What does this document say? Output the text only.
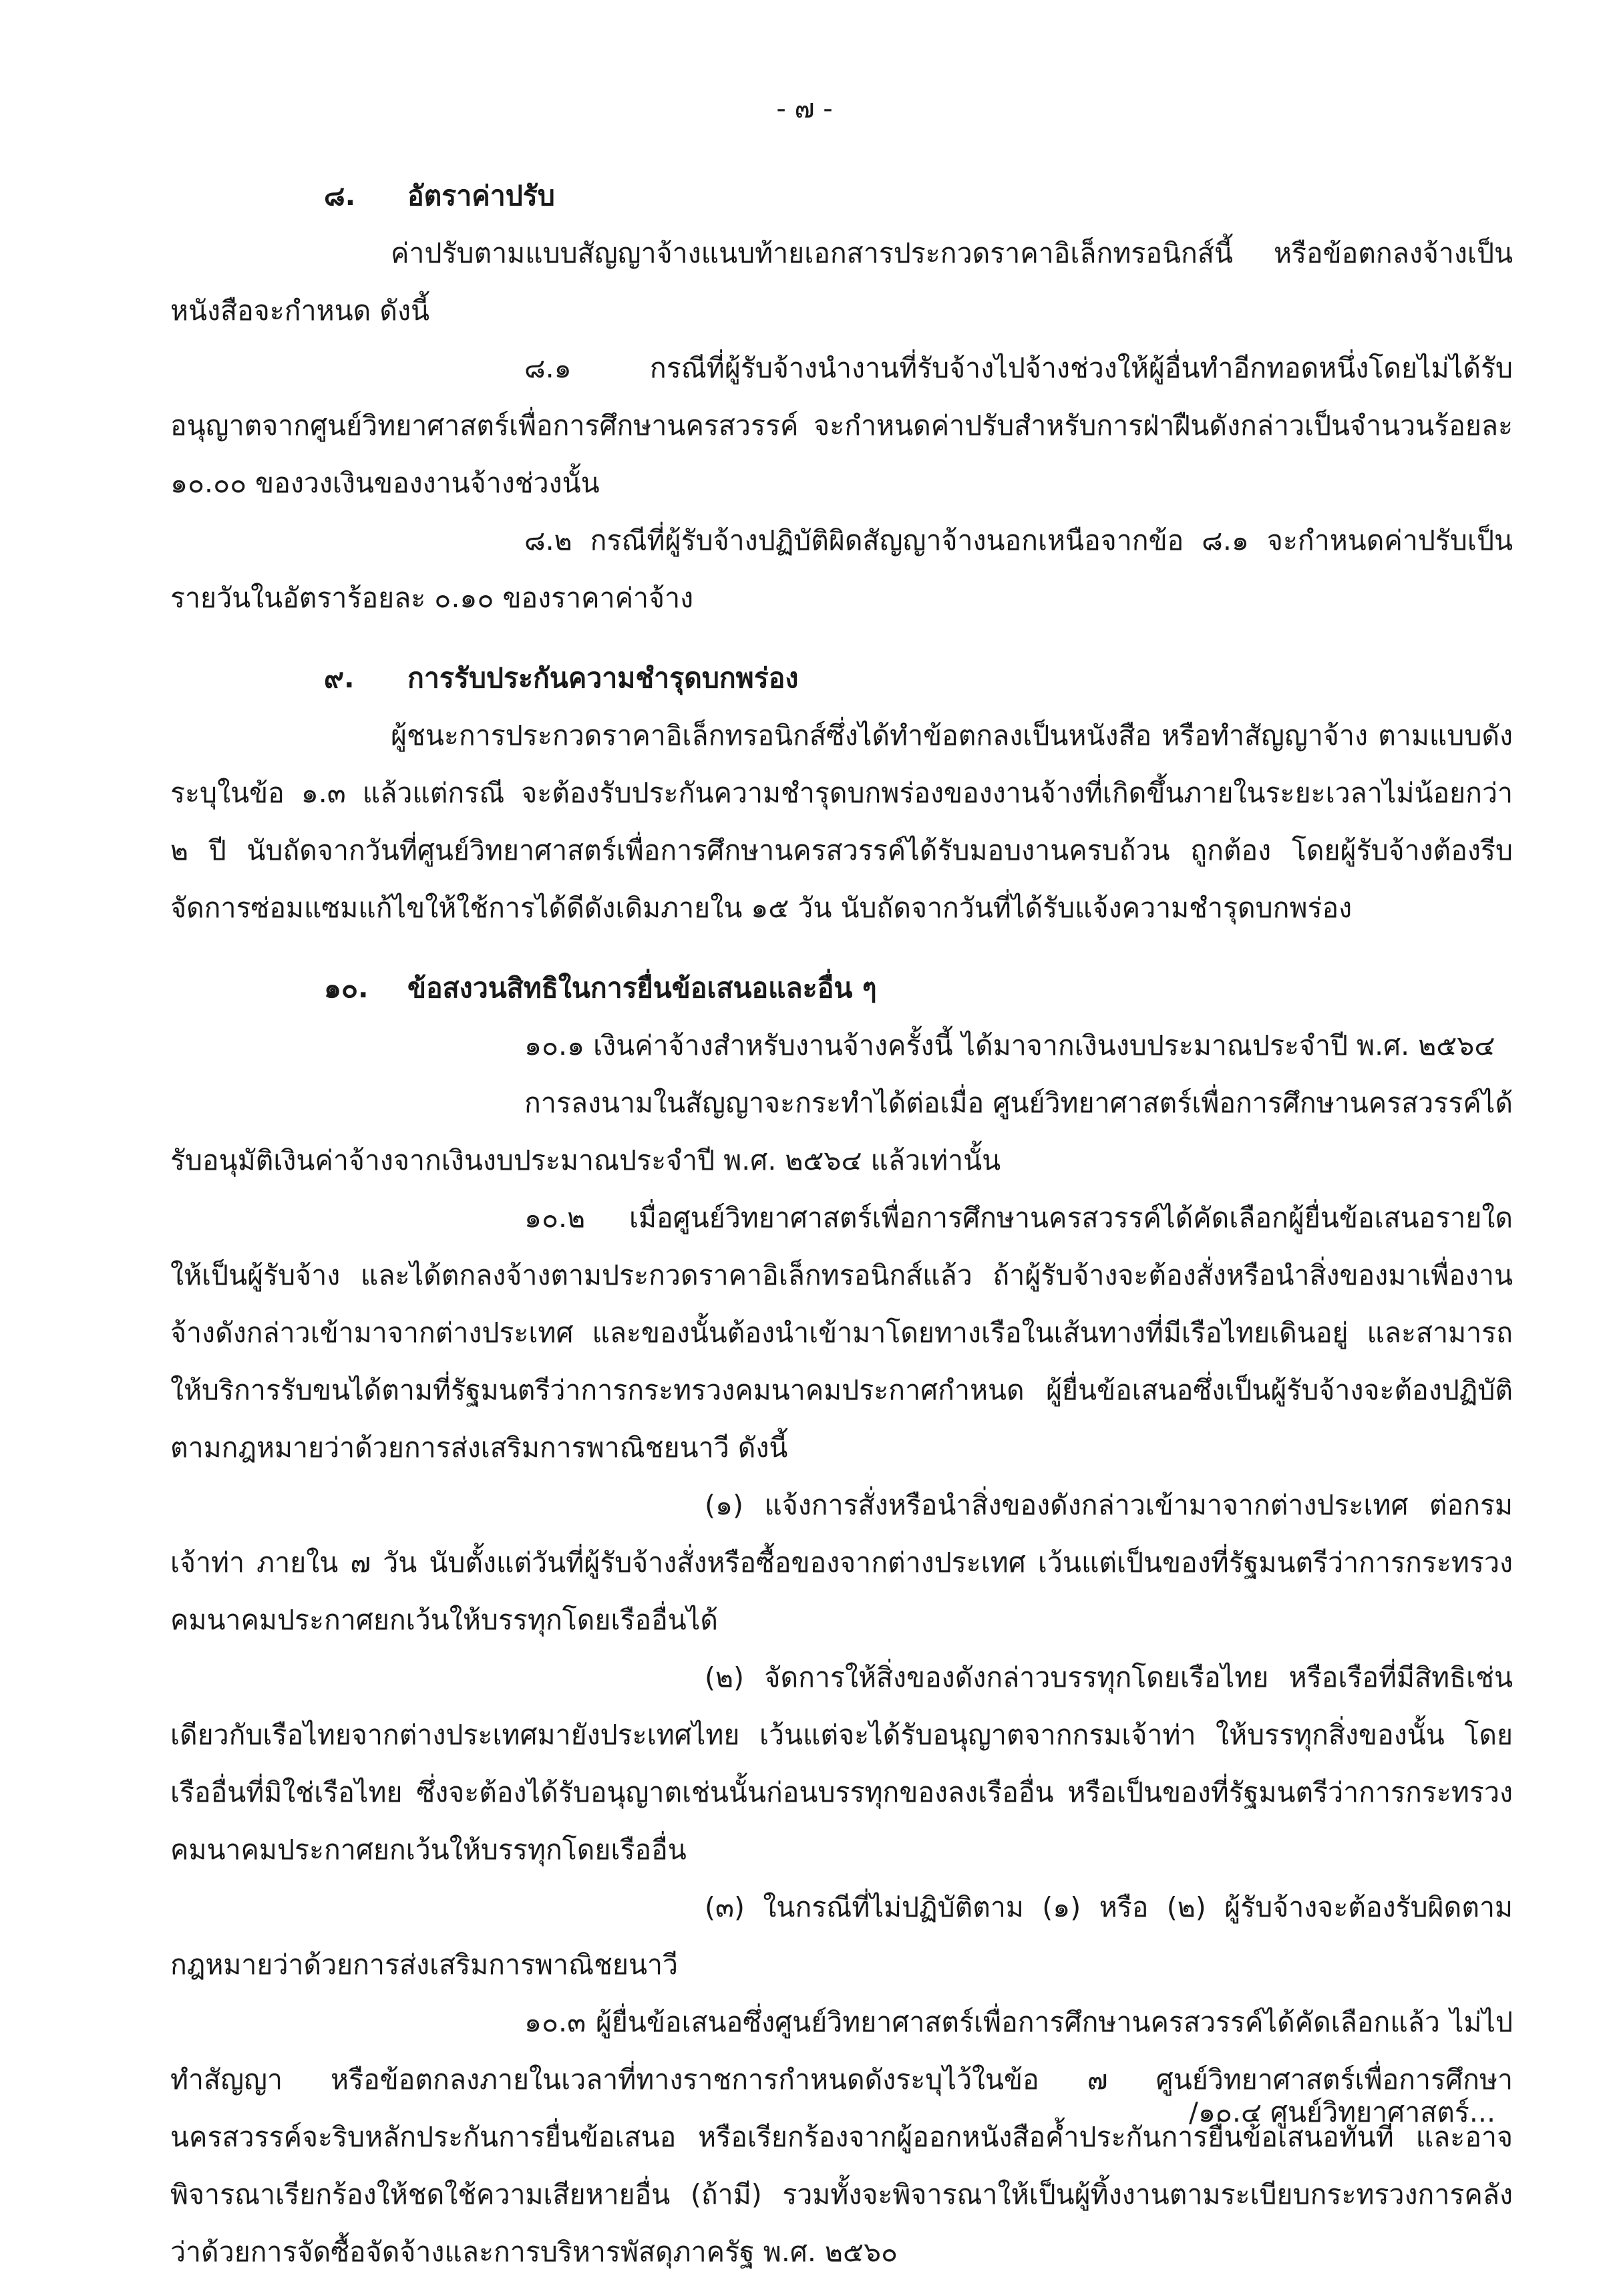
- ๗ -

๘. อัตราค่าปรับ

ค่าปรับตามแบบสัญญาจ้างแนบท้ายเอกสารประกวดราคาอิเล็กทรอนิกส์นี้ หรือข้อตกลงจ้างเป็นหนังสือจะกำหนด ดังนี้

๘.๑ กรณีที่ผู้รับจ้างนำงานที่รับจ้างไปจ้างช่วงให้ผู้อื่นทำอีกทอดหนึ่งโดยไม่ได้รับอนุญาตจากศูนย์วิทยาศาสตร์เพื่อการศึกษานครสวรรค์ จะกำหนดค่าปรับสำหรับการฝ่าฝืนดังกล่าวเป็นจำนวนร้อยละ ๑๐.๐๐ ของวงเงินของงานจ้างช่วงนั้น

๘.๒ กรณีที่ผู้รับจ้างปฏิบัติผิดสัญญาจ้างนอกเหนือจากข้อ ๘.๑ จะกำหนดค่าปรับเป็นรายวันในอัตราร้อยละ ๐.๑๐ ของราคาค่าจ้าง

๙. การรับประกันความชำรุดบกพร่อง

ผู้ชนะการประกวดราคาอิเล็กทรอนิกส์ซึ่งได้ทำข้อตกลงเป็นหนังสือ หรือทำสัญญาจ้าง ตามแบบดังระบุในข้อ ๑.๓ แล้วแต่กรณี จะต้องรับประกันความชำรุดบกพร่องของงานจ้างที่เกิดขึ้นภายในระยะเวลาไม่น้อยกว่า ๒ ปี นับถัดจากวันที่ศูนย์วิทยาศาสตร์เพื่อการศึกษานครสวรรค์ได้รับมอบงานครบถ้วน ถูกต้อง โดยผู้รับจ้างต้องรีบจัดการซ่อมแซมแก้ไขให้ใช้การได้ดีดังเดิมภายใน ๑๕ วัน นับถัดจากวันที่ได้รับแจ้งความชำรุดบกพร่อง

๑๐. ข้อสงวนสิทธิในการยื่นข้อเสนอและอื่น ๆ

๑๐.๑ เงินค่าจ้างสำหรับงานจ้างครั้งนี้ ได้มาจากเงินงบประมาณประจำปี พ.ศ. ๒๕๖๔

การลงนามในสัญญาจะกระทำได้ต่อเมื่อ ศูนย์วิทยาศาสตร์เพื่อการศึกษานครสวรรค์ได้รับอนุมัติเงินค่าจ้างจากเงินงบประมาณประจำปี พ.ศ. ๒๕๖๔ แล้วเท่านั้น

๑๐.๒ เมื่อศูนย์วิทยาศาสตร์เพื่อการศึกษานครสวรรค์ได้คัดเลือกผู้ยื่นข้อเสนอรายใด ให้เป็นผู้รับจ้าง และได้ตกลงจ้างตามประกวดราคาอิเล็กทรอนิกส์แล้ว ถ้าผู้รับจ้างจะต้องสั่งหรือนำสิ่งของมาเพื่องานจ้างดังกล่าวเข้ามาจากต่างประเทศ และของนั้นต้องนำเข้ามาโดยทางเรือในเส้นทางที่มีเรือไทยเดินอยู่ และสามารถให้บริการรับขนได้ตามที่รัฐมนตรีว่าการกระทรวงคมนาคมประกาศกำหนด ผู้ยื่นข้อเสนอซึ่งเป็นผู้รับจ้างจะต้องปฏิบัติตามกฎหมายว่าด้วยการส่งเสริมการพาณิชยนาวี ดังนี้

(๑) แจ้งการสั่งหรือนำสิ่งของดังกล่าวเข้ามาจากต่างประเทศ ต่อกรมเจ้าท่า ภายใน ๗ วัน นับตั้งแต่วันที่ผู้รับจ้างสั่งหรือซื้อของจากต่างประเทศ เว้นแต่เป็นของที่รัฐมนตรีว่าการกระทรวงคมนาคมประกาศยกเว้นให้บรรทุกโดยเรืออื่นได้

(๒) จัดการให้สิ่งของดังกล่าวบรรทุกโดยเรือไทย หรือเรือที่มีสิทธิเช่นเดียวกับเรือไทยจากต่างประเทศมายังประเทศไทย เว้นแต่จะได้รับอนุญาตจากกรมเจ้าท่า ให้บรรทุกสิ่งของนั้น โดยเรืออื่นที่มิใช่เรือไทย ซึ่งจะต้องได้รับอนุญาตเช่นนั้นก่อนบรรทุกของลงเรืออื่น หรือเป็นของที่รัฐมนตรีว่าการกระทรวงคมนาคมประกาศยกเว้นให้บรรทุกโดยเรืออื่น

(๓) ในกรณีที่ไม่ปฏิบัติตาม (๑) หรือ (๒) ผู้รับจ้างจะต้องรับผิดตามกฎหมายว่าด้วยการส่งเสริมการพาณิชยนาวี

๑๐.๓ ผู้ยื่นข้อเสนอซึ่งศูนย์วิทยาศาสตร์เพื่อการศึกษานครสวรรค์ได้คัดเลือกแล้ว ไม่ไปทำสัญญา หรือข้อตกลงภายในเวลาที่ทางราชการกำหนดดังระบุไว้ในข้อ ๗ ศูนย์วิทยาศาสตร์เพื่อการศึกษานครสวรรค์จะริบหลักประกันการยื่นข้อเสนอ หรือเรียกร้องจากผู้ออกหนังสือค้ำประกันการยื่นข้อเสนอทันที และอาจพิจารณาเรียกร้องให้ชดใช้ความเสียหายอื่น (ถ้ามี) รวมทั้งจะพิจารณาให้เป็นผู้ทิ้งงานตามระเบียบกระทรวงการคลังว่าด้วยการจัดซื้อจัดจ้างและการบริหารพัสดุภาครัฐ พ.ศ. ๒๕๖๐

/๑๐.๔ ศูนย์วิทยาศาสตร์...
